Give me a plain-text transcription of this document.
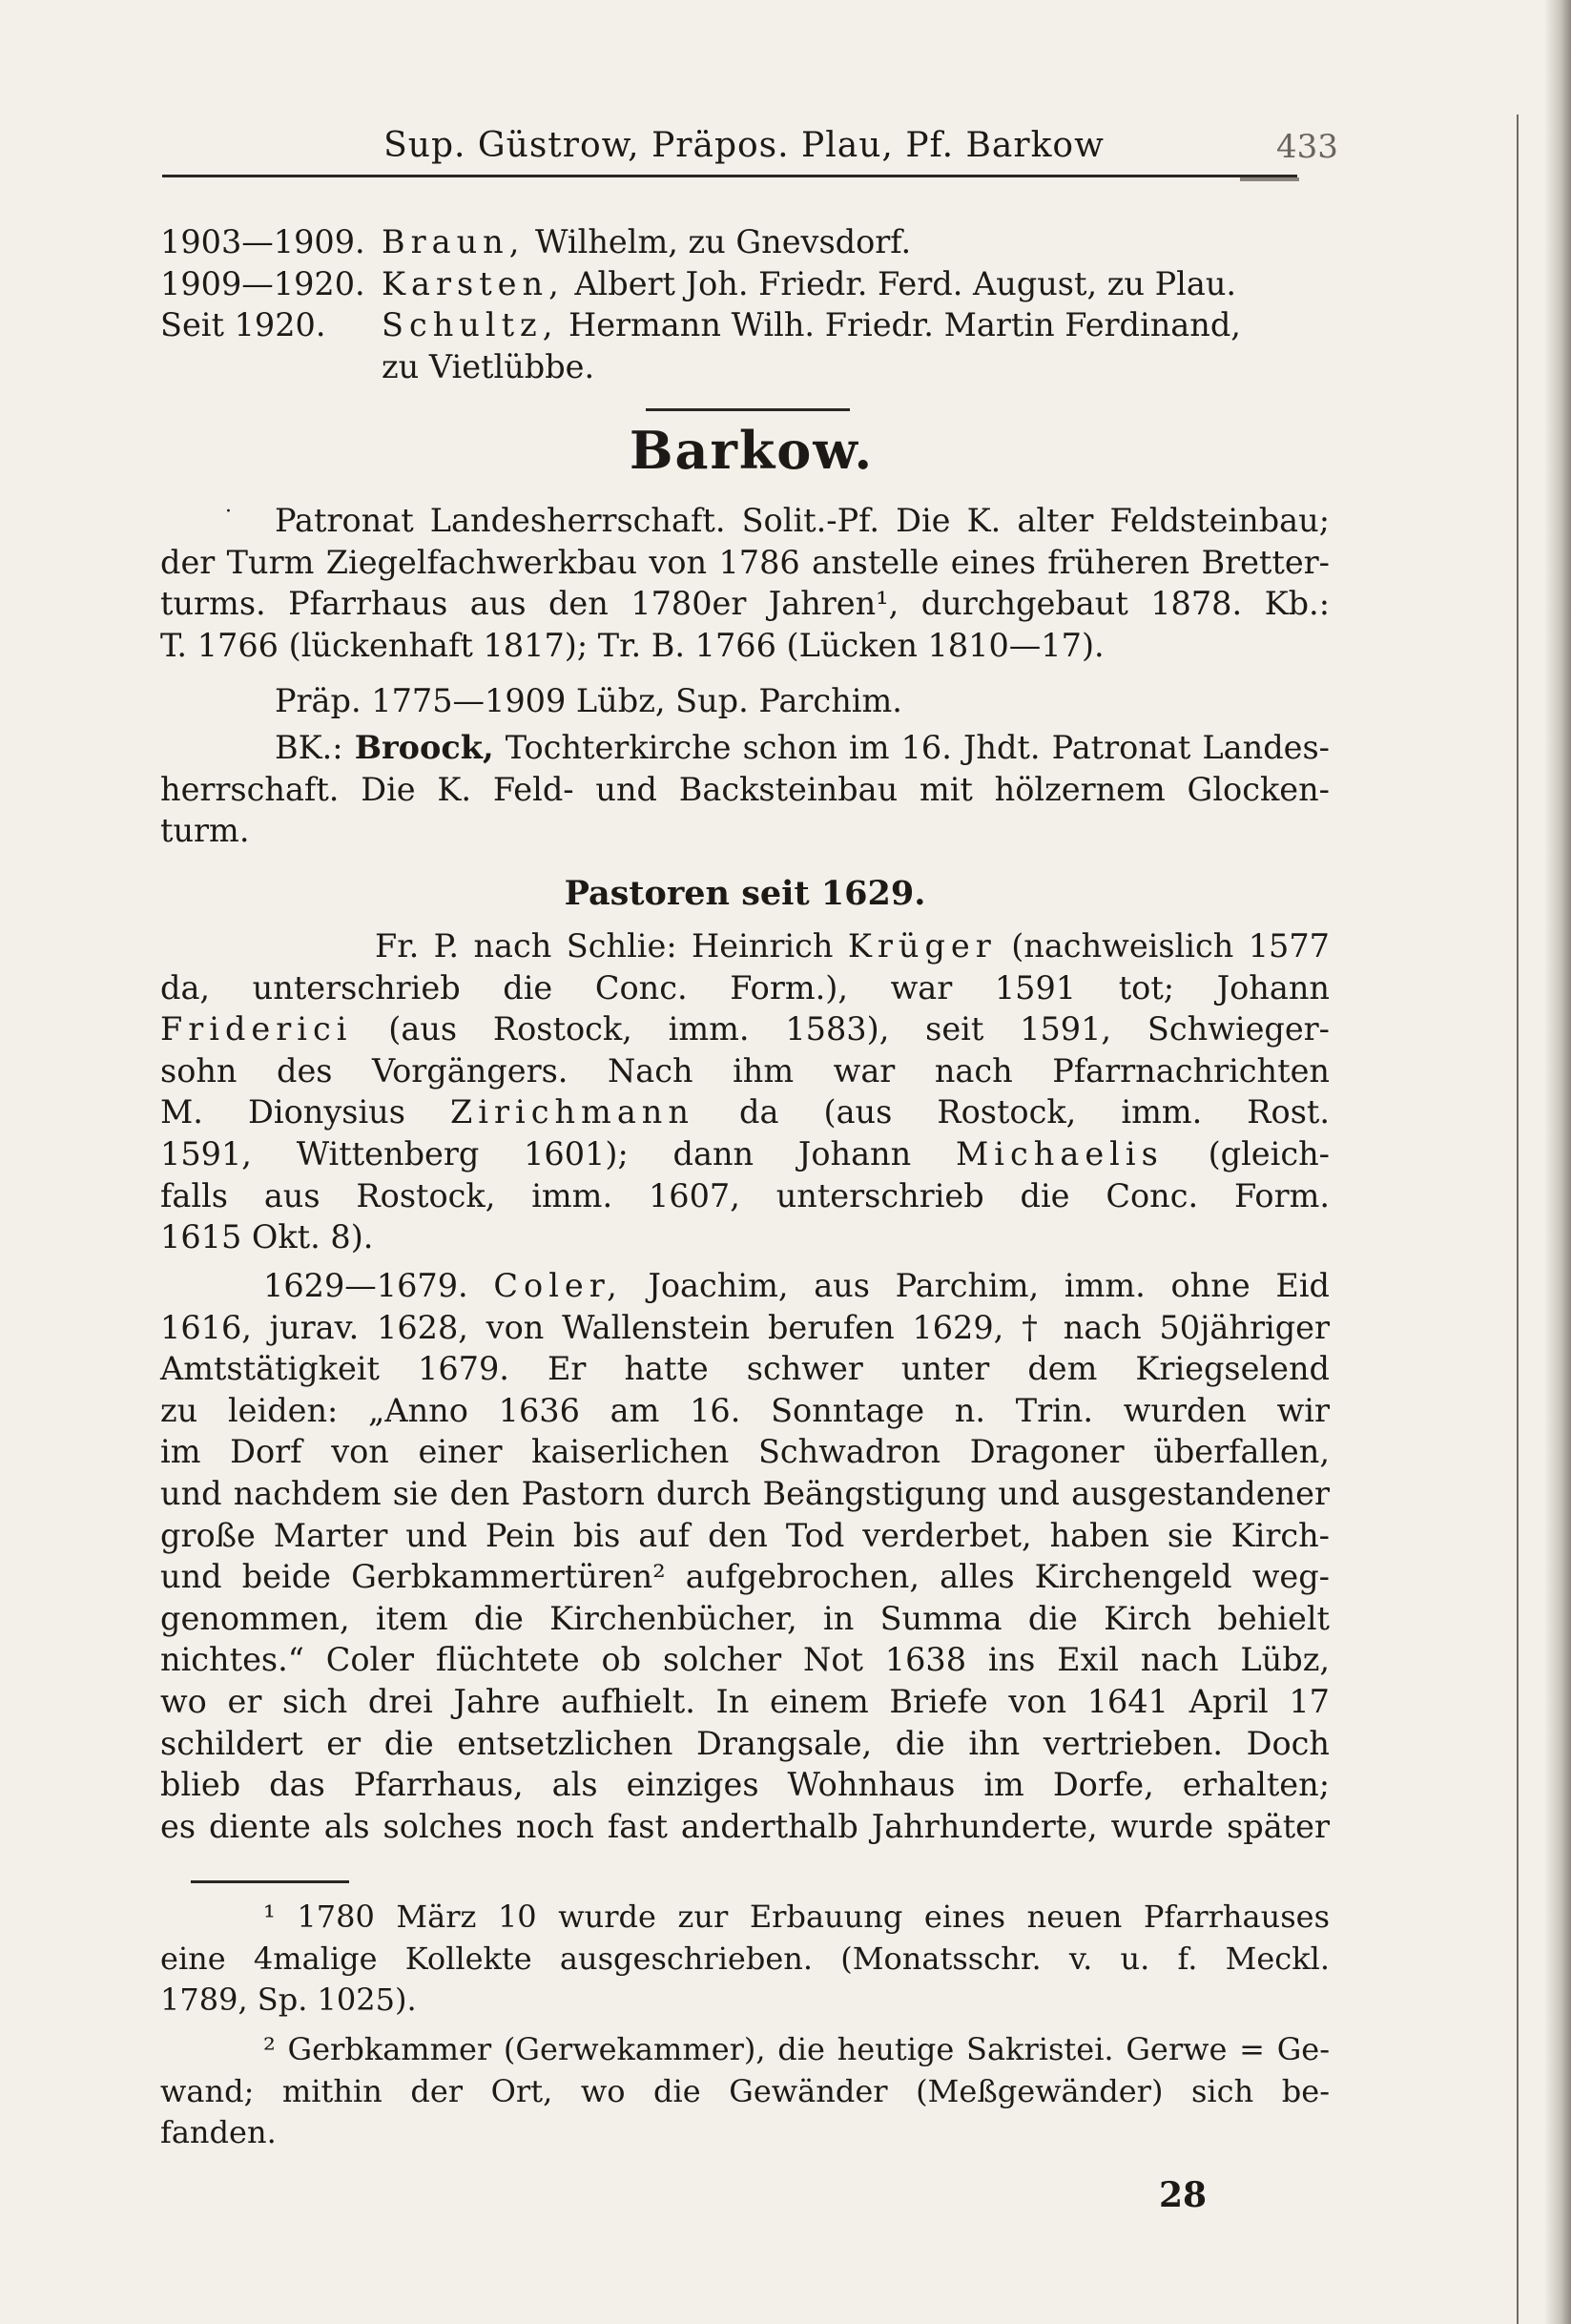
Sup. Güstrow, Präpos. Plau, Pf. Barkow	433
1903—1909. Braun, Wilhelm, zu Gnevsdorf.
1909—1920. Karsten, Albert Joh. Friedr. Ferd. August, zu Plau.
Seit 1920. Schultz, Hermann Wilh. Friedr. Martin Ferdinand,
zu Vietlübbe.
Barkow.
·	Patronat Landesherrschaft. Solit.-Pf. Die K. alter Feldsteinbau;
der Turm Ziegelfachwerkbau von 1786 anstelle eines früheren Bretter-
turms. Pfarrhaus aus den 1780er Jahren¹, durchgebaut 1878. Kb.:
T. 1766 (lückenhaft 1817); Tr. B. 1766 (Lücken 1810—17).
Präp. 1775—1909 Lübz, Sup. Parchim.
BK.: Broock, Tochterkirche schon im 16. Jhdt. Patronat Landes-
herrschaft. Die K. Feld- und Backsteinbau mit hölzernem Glocken-
turm.
Pastoren seit 1629.
Fr. P. nach Schlie: Heinrich Krüger (nachweislich 1577
da, unterschrieb die Conc. Form.), war 1591 tot; Johann
Friderici (aus Rostock, imm. 1583), seit 1591, Schwieger-
sohn des Vorgängers. Nach ihm war nach Pfarrnachrichten
M. Dionysius Zirichmann da (aus Rostock, imm. Rost.
1591, Wittenberg 1601); dann Johann Michaelis (gleich-
falls aus Rostock, imm. 1607, unterschrieb die Conc. Form.
1615 Okt. 8).
1629—1679. Coler, Joachim, aus Parchim, imm. ohne Eid
1616, jurav. 1628, von Wallenstein berufen 1629, † nach 50jähriger
Amtstätigkeit 1679. Er hatte schwer unter dem Kriegselend
zu leiden: „Anno 1636 am 16. Sonntage n. Trin. wurden wir
im Dorf von einer kaiserlichen Schwadron Dragoner überfallen,
und nachdem sie den Pastorn durch Beängstigung und ausgestandener
große Marter und Pein bis auf den Tod verderbet, haben sie Kirch-
und beide Gerbkammertüren² aufgebrochen, alles Kirchengeld weg-
genommen, item die Kirchenbücher, in Summa die Kirch behielt
nichtes.“ Coler flüchtete ob solcher Not 1638 ins Exil nach Lübz,
wo er sich drei Jahre aufhielt. In einem Briefe von 1641 April 17
schildert er die entsetzlichen Drangsale, die ihn vertrieben. Doch
blieb das Pfarrhaus, als einziges Wohnhaus im Dorfe, erhalten;
es diente als solches noch fast anderthalb Jahrhunderte, wurde später
¹ 1780 März 10 wurde zur Erbauung eines neuen Pfarrhauses
eine 4malige Kollekte ausgeschrieben. (Monatsschr. v. u. f. Meckl.
1789, Sp. 1025).
² Gerbkammer (Gerwekammer), die heutige Sakristei. Gerwe = Ge-
wand; mithin der Ort, wo die Gewänder (Meßgewänder) sich be-
fanden.
28
